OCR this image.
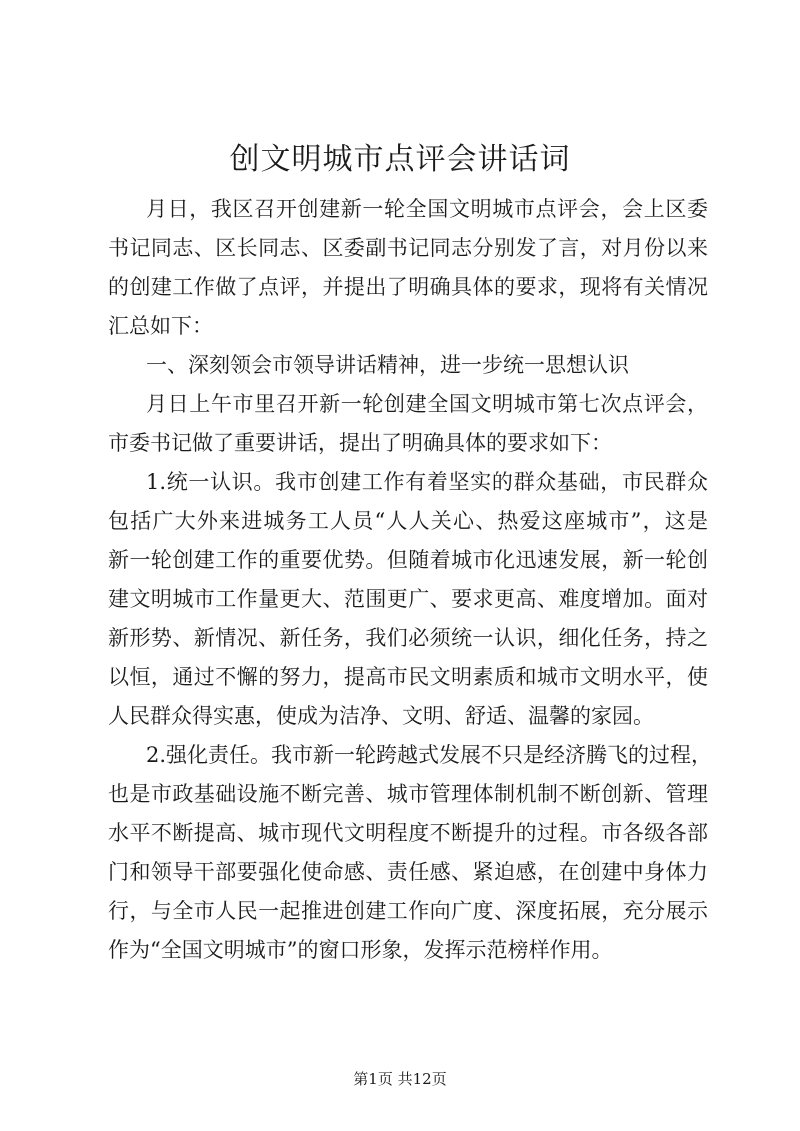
创文明城市点评会讲话词
月日，我区召开创建新一轮全国文明城市点评会，会上区委
书记同志、区长同志、区委副书记同志分别发了言，对月份以来
的创建工作做了点评，并提出了明确具体的要求，现将有关情况
汇总如下：
一、深刻领会市领导讲话精神，进一步统一思想认识
月日上午市里召开新一轮创建全国文明城市第七次点评会，
市委书记做了重要讲话，提出了明确具体的要求如下：
1.统一认识。我市创建工作有着坚实的群众基础，市民群众
包括广大外来进城务工人员“人人关心、热爱这座城市”，这是
新一轮创建工作的重要优势。但随着城市化迅速发展，新一轮创
建文明城市工作量更大、范围更广、要求更高、难度增加。面对
新形势、新情况、新任务，我们必须统一认识，细化任务，持之
以恒，通过不懈的努力，提高市民文明素质和城市文明水平，使
人民群众得实惠，使成为洁净、文明、舒适、温馨的家园。
2.强化责任。我市新一轮跨越式发展不只是经济腾飞的过程，
也是市政基础设施不断完善、城市管理体制机制不断创新、管理
水平不断提高、城市现代文明程度不断提升的过程。市各级各部
门和领导干部要强化使命感、责任感、紧迫感，在创建中身体力
行，与全市人民一起推进创建工作向广度、深度拓展，充分展示
作为“全国文明城市”的窗口形象，发挥示范榜样作用。
第1页 共12页
